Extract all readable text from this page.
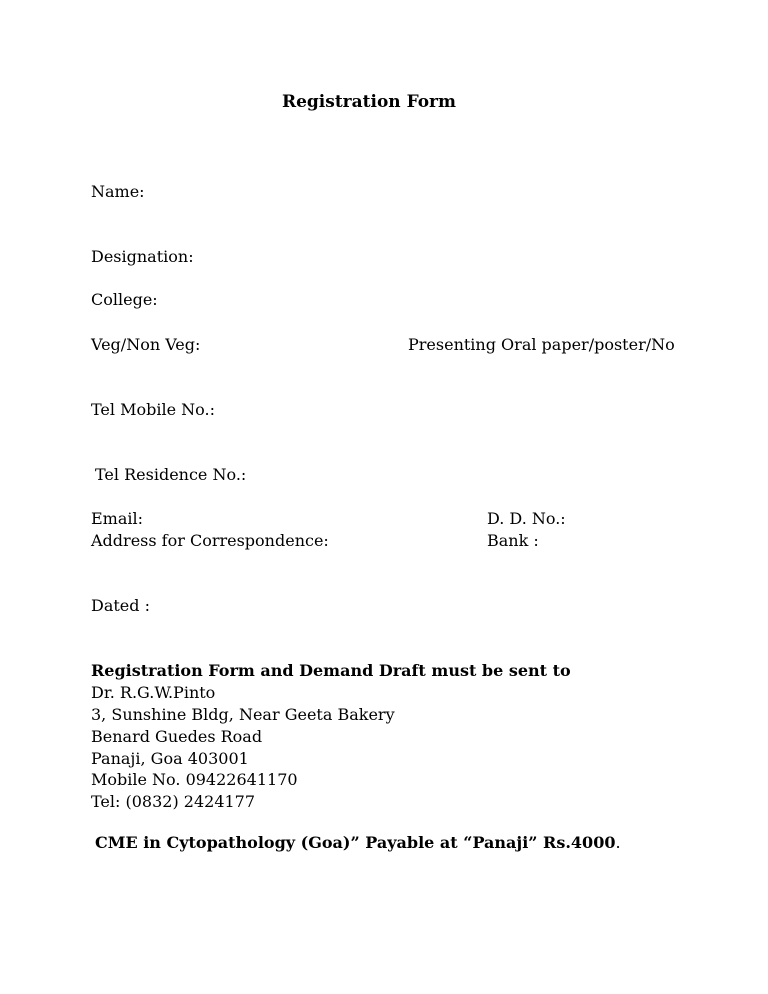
Registration Form
Name:
Designation:
College:
Veg/Non Veg:	Presenting Oral paper/poster/No
Tel Mobile No.:
Tel Residence No.:
Email:	D. D. No.:
Address for Correspondence:	Bank :
Dated :
Registration Form and Demand Draft must be sent to
Dr. R.G.W.Pinto
3, Sunshine Bldg, Near Geeta Bakery
Benard Guedes Road
Panaji, Goa 403001
Mobile No. 09422641170
Tel: (0832) 2424177
CME in Cytopathology (Goa)” Payable at “Panaji” Rs.4000.
